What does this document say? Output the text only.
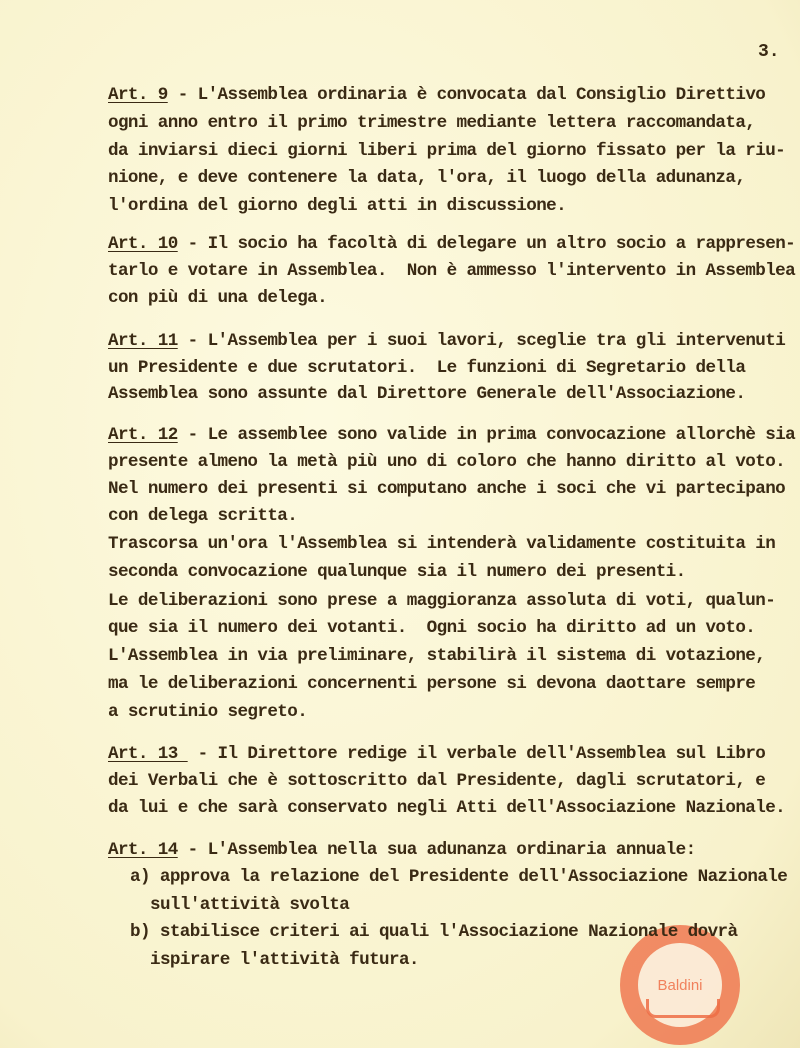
3.
Baldini
Art. 9 - L'Assemblea ordinaria è convocata dal Consiglio Direttivo
ogni anno entro il primo trimestre mediante lettera raccomandata,
da inviarsi dieci giorni liberi prima del giorno fissato per la riu-
nione, e deve contenere la data, l'ora, il luogo della adunanza,
l'ordina del giorno degli atti in discussione.
Art. 10 - Il socio ha facoltà di delegare un altro socio a rappresen-
tarlo e votare in Assemblea.  Non è ammesso l'intervento in Assemblea
con più di una delega.
Art. 11 - L'Assemblea per i suoi lavori, sceglie tra gli intervenuti
un Presidente e due scrutatori.  Le funzioni di Segretario della
Assemblea sono assunte dal Direttore Generale dell'Associazione.
Art. 12 - Le assemblee sono valide in prima convocazione allorchè sia
presente almeno la metà più uno di coloro che hanno diritto al voto.
Nel numero dei presenti si computano anche i soci che vi partecipano
con delega scritta.
Trascorsa un'ora l'Assemblea si intenderà validamente costituita in
seconda convocazione qualunque sia il numero dei presenti.
Le deliberazioni sono prese a maggioranza assoluta di voti, qualun-
que sia il numero dei votanti.  Ogni socio ha diritto ad un voto.
L'Assemblea in via preliminare, stabilirà il sistema di votazione,
ma le deliberazioni concernenti persone si devona daottare sempre
a scrutinio segreto.
Art. 13  - Il Direttore redige il verbale dell'Assemblea sul Libro
dei Verbali che è sottoscritto dal Presidente, dagli scrutatori, e
da lui e che sarà conservato negli Atti dell'Associazione Nazionale.
Art. 14 - L'Assemblea nella sua adunanza ordinaria annuale:
a) approva la relazione del Presidente dell'Associazione Nazionale
sull'attività svolta
b) stabilisce criteri ai quali l'Associazione Nazionale dovrà
ispirare l'attività futura.
